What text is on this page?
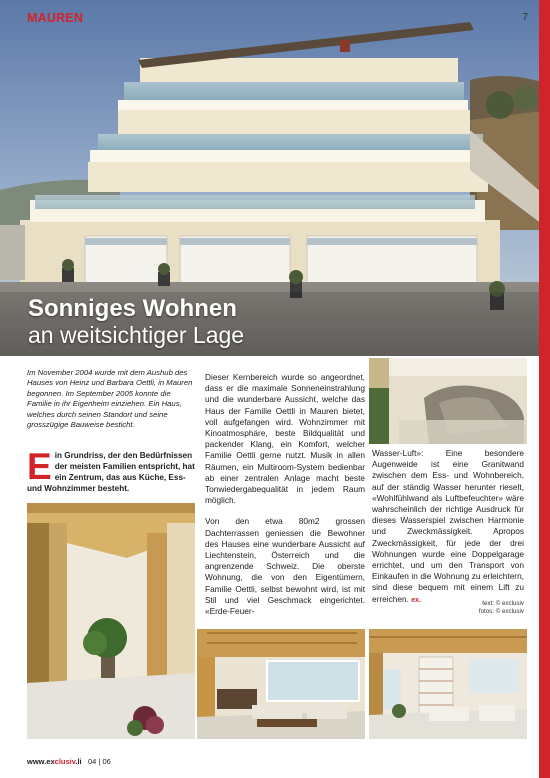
MAUREN	7
Sonniges Wohnen
an weitsichtiger Lage
Im November 2004 wurde mit dem Aushub des Hauses von Heinz und Barbara Oettli, in Mauren begonnen. Im September 2005 konnte die Familie in ihr Eigenheim einziehen. Ein Haus, welches durch seinen Standort und seine grosszügige Bauweise besticht.
Ein Grundriss, der den Bedürfnissen der meisten Familien entspricht, hat ein Zentrum, das aus Küche, Ess- und Wohnzimmer besteht.

Dieser Kernbereich wurde so angeordnet, dass er die maximale Sonneneinstrahlung und die wunderbare Aussicht, welche das Haus der Familie Oettli in Mauren bietet, voll aufgefangen wird. Wohnzimmer mit Kinoatmosphäre, beste Bildqualität und packender Klang, ein Komfort, welcher Familie Oettli gerne nutzt. Musik in allen Räumen, ein Multiroom-System bedienbar ab einer zentralen Anlage macht beste Tonwiedergabequalität in jedem Raum möglich.

Von den etwa 80m2 grossen Dachterrassen geniessen die Bewohner des Hauses eine wunderbare Aussicht auf Liechtenstein, Österreich und die angrenzende Schweiz. Die oberste Wohnung, die von den Eigentümern, Familie Oettli, selbst bewohnt wird, ist mit Stil und viel Geschmack eingerichtet. «Erde-Feuer-

Wasser-Luft»: Eine besondere Augenweide ist eine Granitwand zwischen dem Ess- und Wohnbereich, auf der ständig Wasser herunter rieselt, «Wohlfühlwand als Luftbefeuchter» wäre wahrscheinlich der richtige Ausdruck für dieses Wasserspiel zwischen Harmonie und Zweckmässigkeit. Apropos Zweckmässigkeit, für jede der drei Wohnungen wurde eine Doppelgarage errichtet, und um den Transport von Einkaufen in die Wohnung zu erleichtern, sind diese bequem mit einem Lift zu erreichen. ex.	text: © exclusiv
fotos: © exclusiv
www.exclusiv.li 04 | 06
